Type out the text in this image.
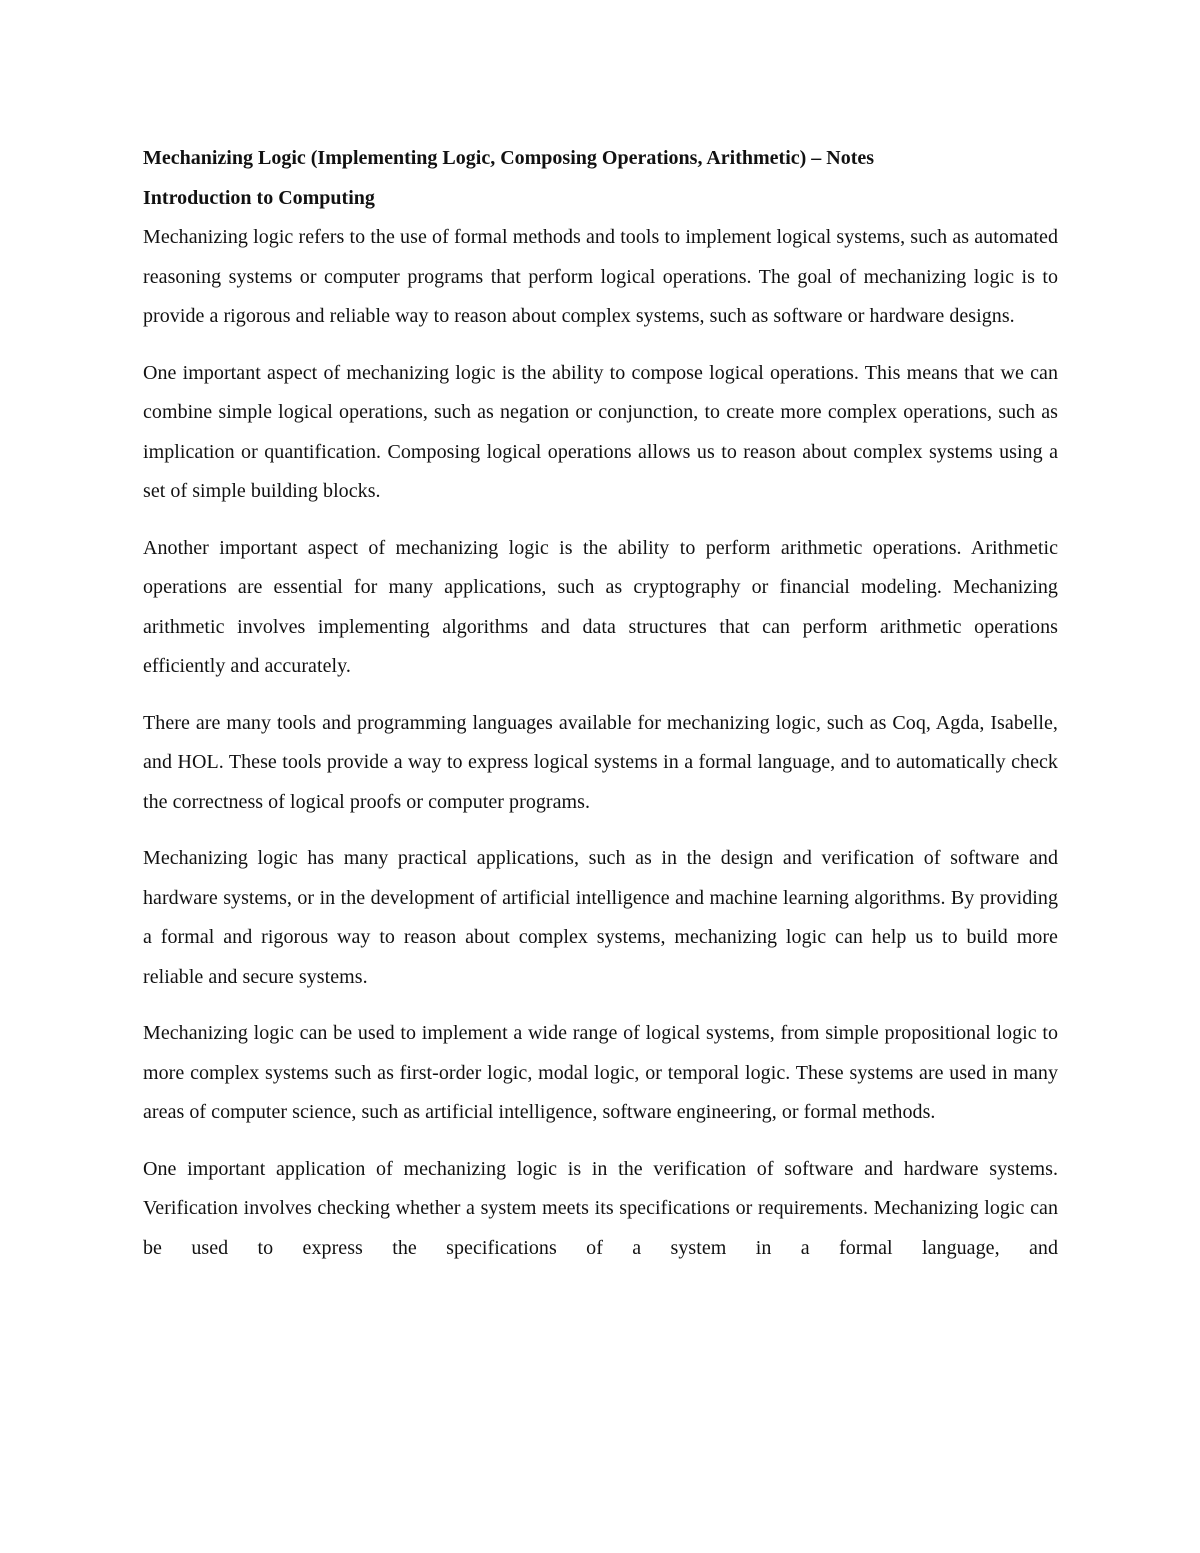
Mechanizing Logic (Implementing Logic, Composing Operations, Arithmetic) – Notes

Introduction to Computing

Mechanizing logic refers to the use of formal methods and tools to implement logical systems, such as automated reasoning systems or computer programs that perform logical operations. The goal of mechanizing logic is to provide a rigorous and reliable way to reason about complex systems, such as software or hardware designs.

One important aspect of mechanizing logic is the ability to compose logical operations. This means that we can combine simple logical operations, such as negation or conjunction, to create more complex operations, such as implication or quantification. Composing logical operations allows us to reason about complex systems using a set of simple building blocks.

Another important aspect of mechanizing logic is the ability to perform arithmetic operations. Arithmetic operations are essential for many applications, such as cryptography or financial modeling. Mechanizing arithmetic involves implementing algorithms and data structures that can perform arithmetic operations efficiently and accurately.

There are many tools and programming languages available for mechanizing logic, such as Coq, Agda, Isabelle, and HOL. These tools provide a way to express logical systems in a formal language, and to automatically check the correctness of logical proofs or computer programs.

Mechanizing logic has many practical applications, such as in the design and verification of software and hardware systems, or in the development of artificial intelligence and machine learning algorithms. By providing a formal and rigorous way to reason about complex systems, mechanizing logic can help us to build more reliable and secure systems.

Mechanizing logic can be used to implement a wide range of logical systems, from simple propositional logic to more complex systems such as first-order logic, modal logic, or temporal logic. These systems are used in many areas of computer science, such as artificial intelligence, software engineering, or formal methods.

One important application of mechanizing logic is in the verification of software and hardware systems. Verification involves checking whether a system meets its specifications or requirements. Mechanizing logic can be used to express the specifications of a system in a formal language, and
